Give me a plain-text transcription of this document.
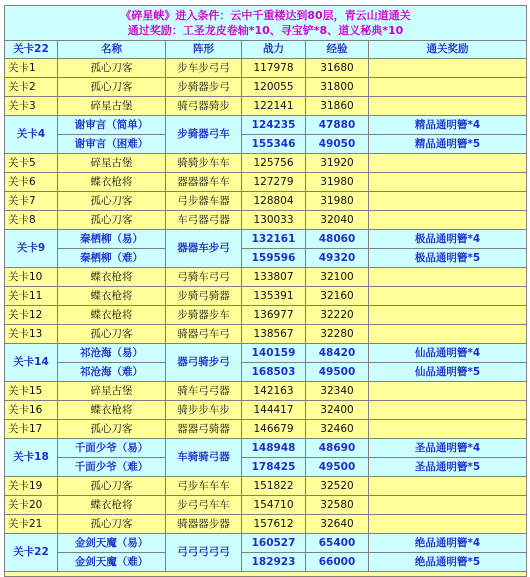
《碎星峡》进入条件：云中千重楼达到80层，青云山道通关
通过奖励：工圣龙皮卷轴*10、寻宝铲*8、道义秘典*10					

关卡22	名称	阵形	战力	经验	通关奖励
关卡1	孤心刀客	步车步弓弓	117978	31680	
关卡2	孤心刀客	步骑器步弓	120055	31800	
关卡3	碎星古堡	骑弓器骑步	122141	31860	
关卡4	谢审言（简单）	步骑器弓车	124235	47880	精品通明簪*4
	谢审言（困难）		155346	49050	精品通明簪*5
关卡5	碎星古堡	骑骑步车车	125756	31920	
关卡6	蝶衣枪将	器器器车车	127279	31980	
关卡7	孤心刀客	弓步器车器	128804	31980	
关卡8	孤心刀客	车弓器弓器	130033	32040	
关卡9	秦栖柳（易）	器器车步弓	132161	48060	极品通明簪*4
	秦栖柳（难）		159596	49320	极品通明簪*5
关卡10	蝶衣枪将	弓骑车弓弓	133807	32100	
关卡11	蝶衣枪将	步骑弓骑器	135391	32160	
关卡12	蝶衣枪将	步骑器步车	136977	32220	
关卡13	孤心刀客	骑器弓车弓	138567	32280	
关卡14	祁沧海（易）	器弓骑步弓	140159	48420	仙品通明簪*4
	祁沧海（难）		168503	49500	仙品通明簪*5
关卡15	碎星古堡	骑车弓弓器	142163	32340	
关卡16	蝶衣枪将	骑步步车步	144417	32400	
关卡17	孤心刀客	器器弓骑器	146679	32460	
关卡18	千面少爷（易）	车骑骑弓器	148948	48690	圣品通明簪*4
	千面少爷（难）		178425	49500	圣品通明簪*5
关卡19	孤心刀客	弓步车车车	151822	32520	
关卡20	蝶衣枪将	步弓弓车车	154710	32580	
关卡21	孤心刀客	骑器器步器	157612	32640	
关卡22	金剑天魔（易）	弓弓弓弓弓	160527	65400	绝品通明簪*4
	金剑天魔（难）		182923	66000	绝品通明簪*5
